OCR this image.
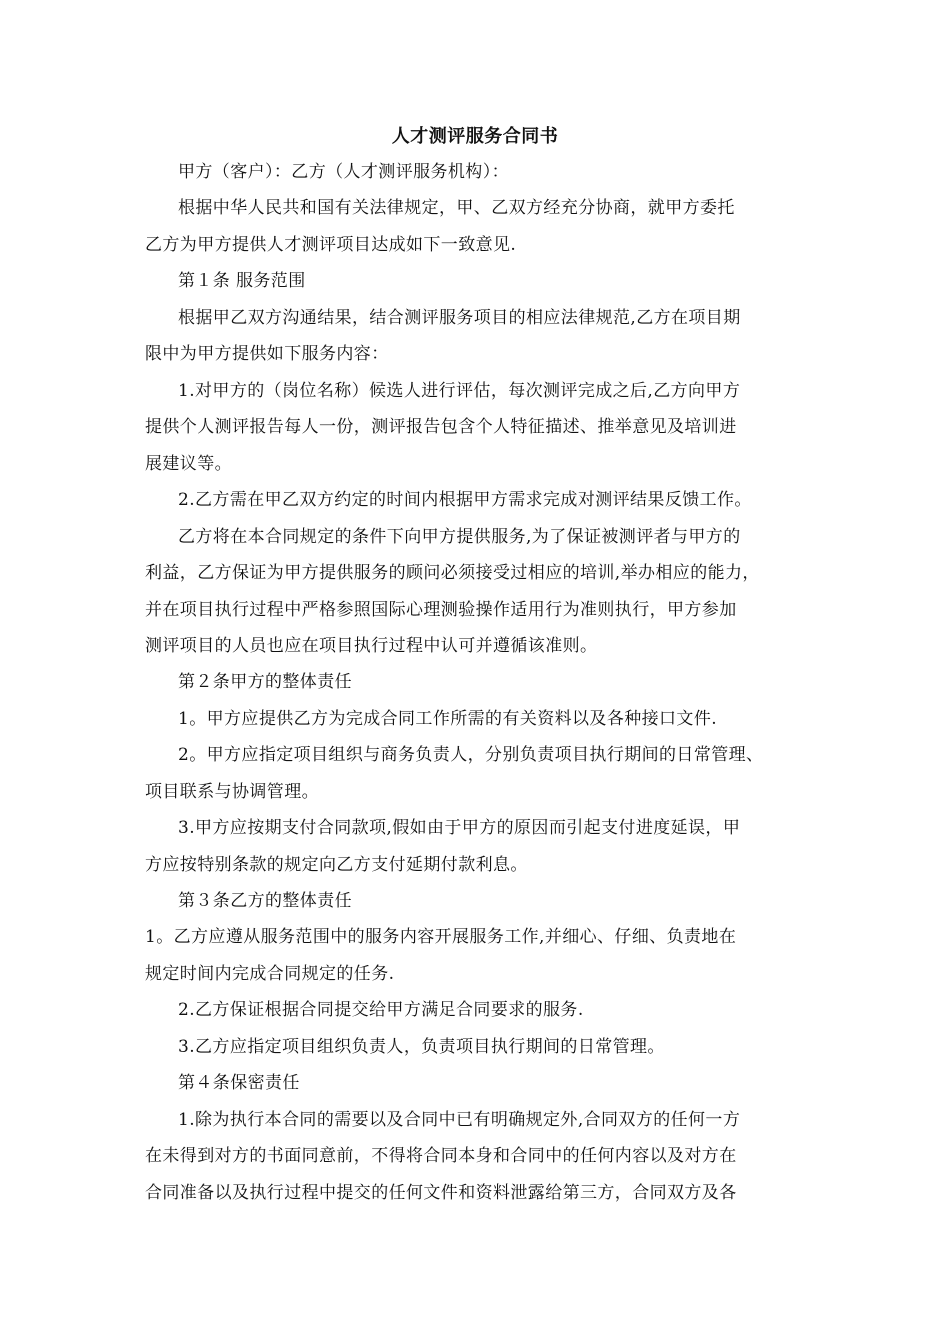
人才测评服务合同书
甲方（客户）：乙方（人才测评服务机构）：
根据中华人民共和国有关法律规定，甲、乙双方经充分协商，就甲方委托
乙方为甲方提供人才测评项目达成如下一致意见.
第１条 服务范围
根据甲乙双方沟通结果，结合测评服务项目的相应法律规范,乙方在项目期
限中为甲方提供如下服务内容：
1.对甲方的（岗位名称）候选人进行评估，每次测评完成之后,乙方向甲方
提供个人测评报告每人一份，测评报告包含个人特征描述、推举意见及培训进
展建议等。
2.乙方需在甲乙双方约定的时间内根据甲方需求完成对测评结果反馈工作。
乙方将在本合同规定的条件下向甲方提供服务,为了保证被测评者与甲方的
利益，乙方保证为甲方提供服务的顾问必须接受过相应的培训,举办相应的能力，
并在项目执行过程中严格参照国际心理测验操作适用行为准则执行，甲方参加
测评项目的人员也应在项目执行过程中认可并遵循该准则。
第２条甲方的整体责任
1。甲方应提供乙方为完成合同工作所需的有关资料以及各种接口文件.
2。甲方应指定项目组织与商务负责人，分别负责项目执行期间的日常管理、
项目联系与协调管理。
3.甲方应按期支付合同款项,假如由于甲方的原因而引起支付进度延误，甲
方应按特别条款的规定向乙方支付延期付款利息。
第３条乙方的整体责任
1。乙方应遵从服务范围中的服务内容开展服务工作,并细心、仔细、负责地在
规定时间内完成合同规定的任务.
2.乙方保证根据合同提交给甲方满足合同要求的服务.
3.乙方应指定项目组织负责人，负责项目执行期间的日常管理。
第４条保密责任
1.除为执行本合同的需要以及合同中已有明确规定外,合同双方的任何一方
在未得到对方的书面同意前，不得将合同本身和合同中的任何内容以及对方在
合同准备以及执行过程中提交的任何文件和资料泄露给第三方，合同双方及各
